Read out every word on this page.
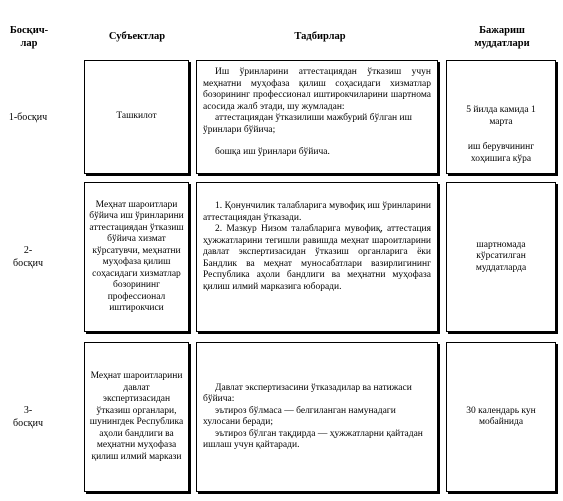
Босқич-
лар
Субъектлар	Тадбирлар
Бажариш
муддатлари
1-босқич	Ташкилот

Иш ўринларини аттестациядан ўтказиш учун меҳнатни муҳофаза қилиш соҳасидаги хизматлар бозорининг профессионал иштирокчиларини шартнома асосида жалб этади, шу жумладан:

аттестациядан ўтказилиши мажбурий бўлган иш ўринлари бўйича;

бошқа иш ўринлари бўйича.

5 йилда камида 1 марта

иш берувчининг хоҳишига кўра

2-
босқич
Меҳнат шароитлари бўйича иш ўринларини аттестациядан ўтказиш бўйича хизмат кўрсатувчи, меҳнатни муҳофаза қилиш соҳасидаги хизматлар бозорининг профессионал иштирокчиси

1. Қонунчилик талабларига мувофиқ иш ўринларини аттестациядан ўтказади.

2. Мазкур Низом талабларига мувофиқ, аттестация ҳужжатларини тегишли равишда меҳнат шароитларини давлат экспертизасидан ўтказиш органларига ёки Бандлик ва меҳнат муносабатлари вазирлигининг Республика аҳоли бандлиги ва меҳнатни муҳофаза қилиш илмий марказига юборади.

шартномада кўрсатилган муддатларда
3-
босқич
Меҳнат шароитларини давлат экспертизасидан ўтказиш органлари, шунингдек Республика аҳоли бандлиги ва меҳнатни муҳофаза қилиш илмий маркази

Давлат экспертизасини ўтказадилар ва натижаси бўйича:

эътироз бўлмаса — белгиланган намунадаги хулосани беради;

эътироз бўлган тақдирда — ҳужжатларни қайтадан ишлаш учун қайтаради.

30 календарь кун мобайнида
